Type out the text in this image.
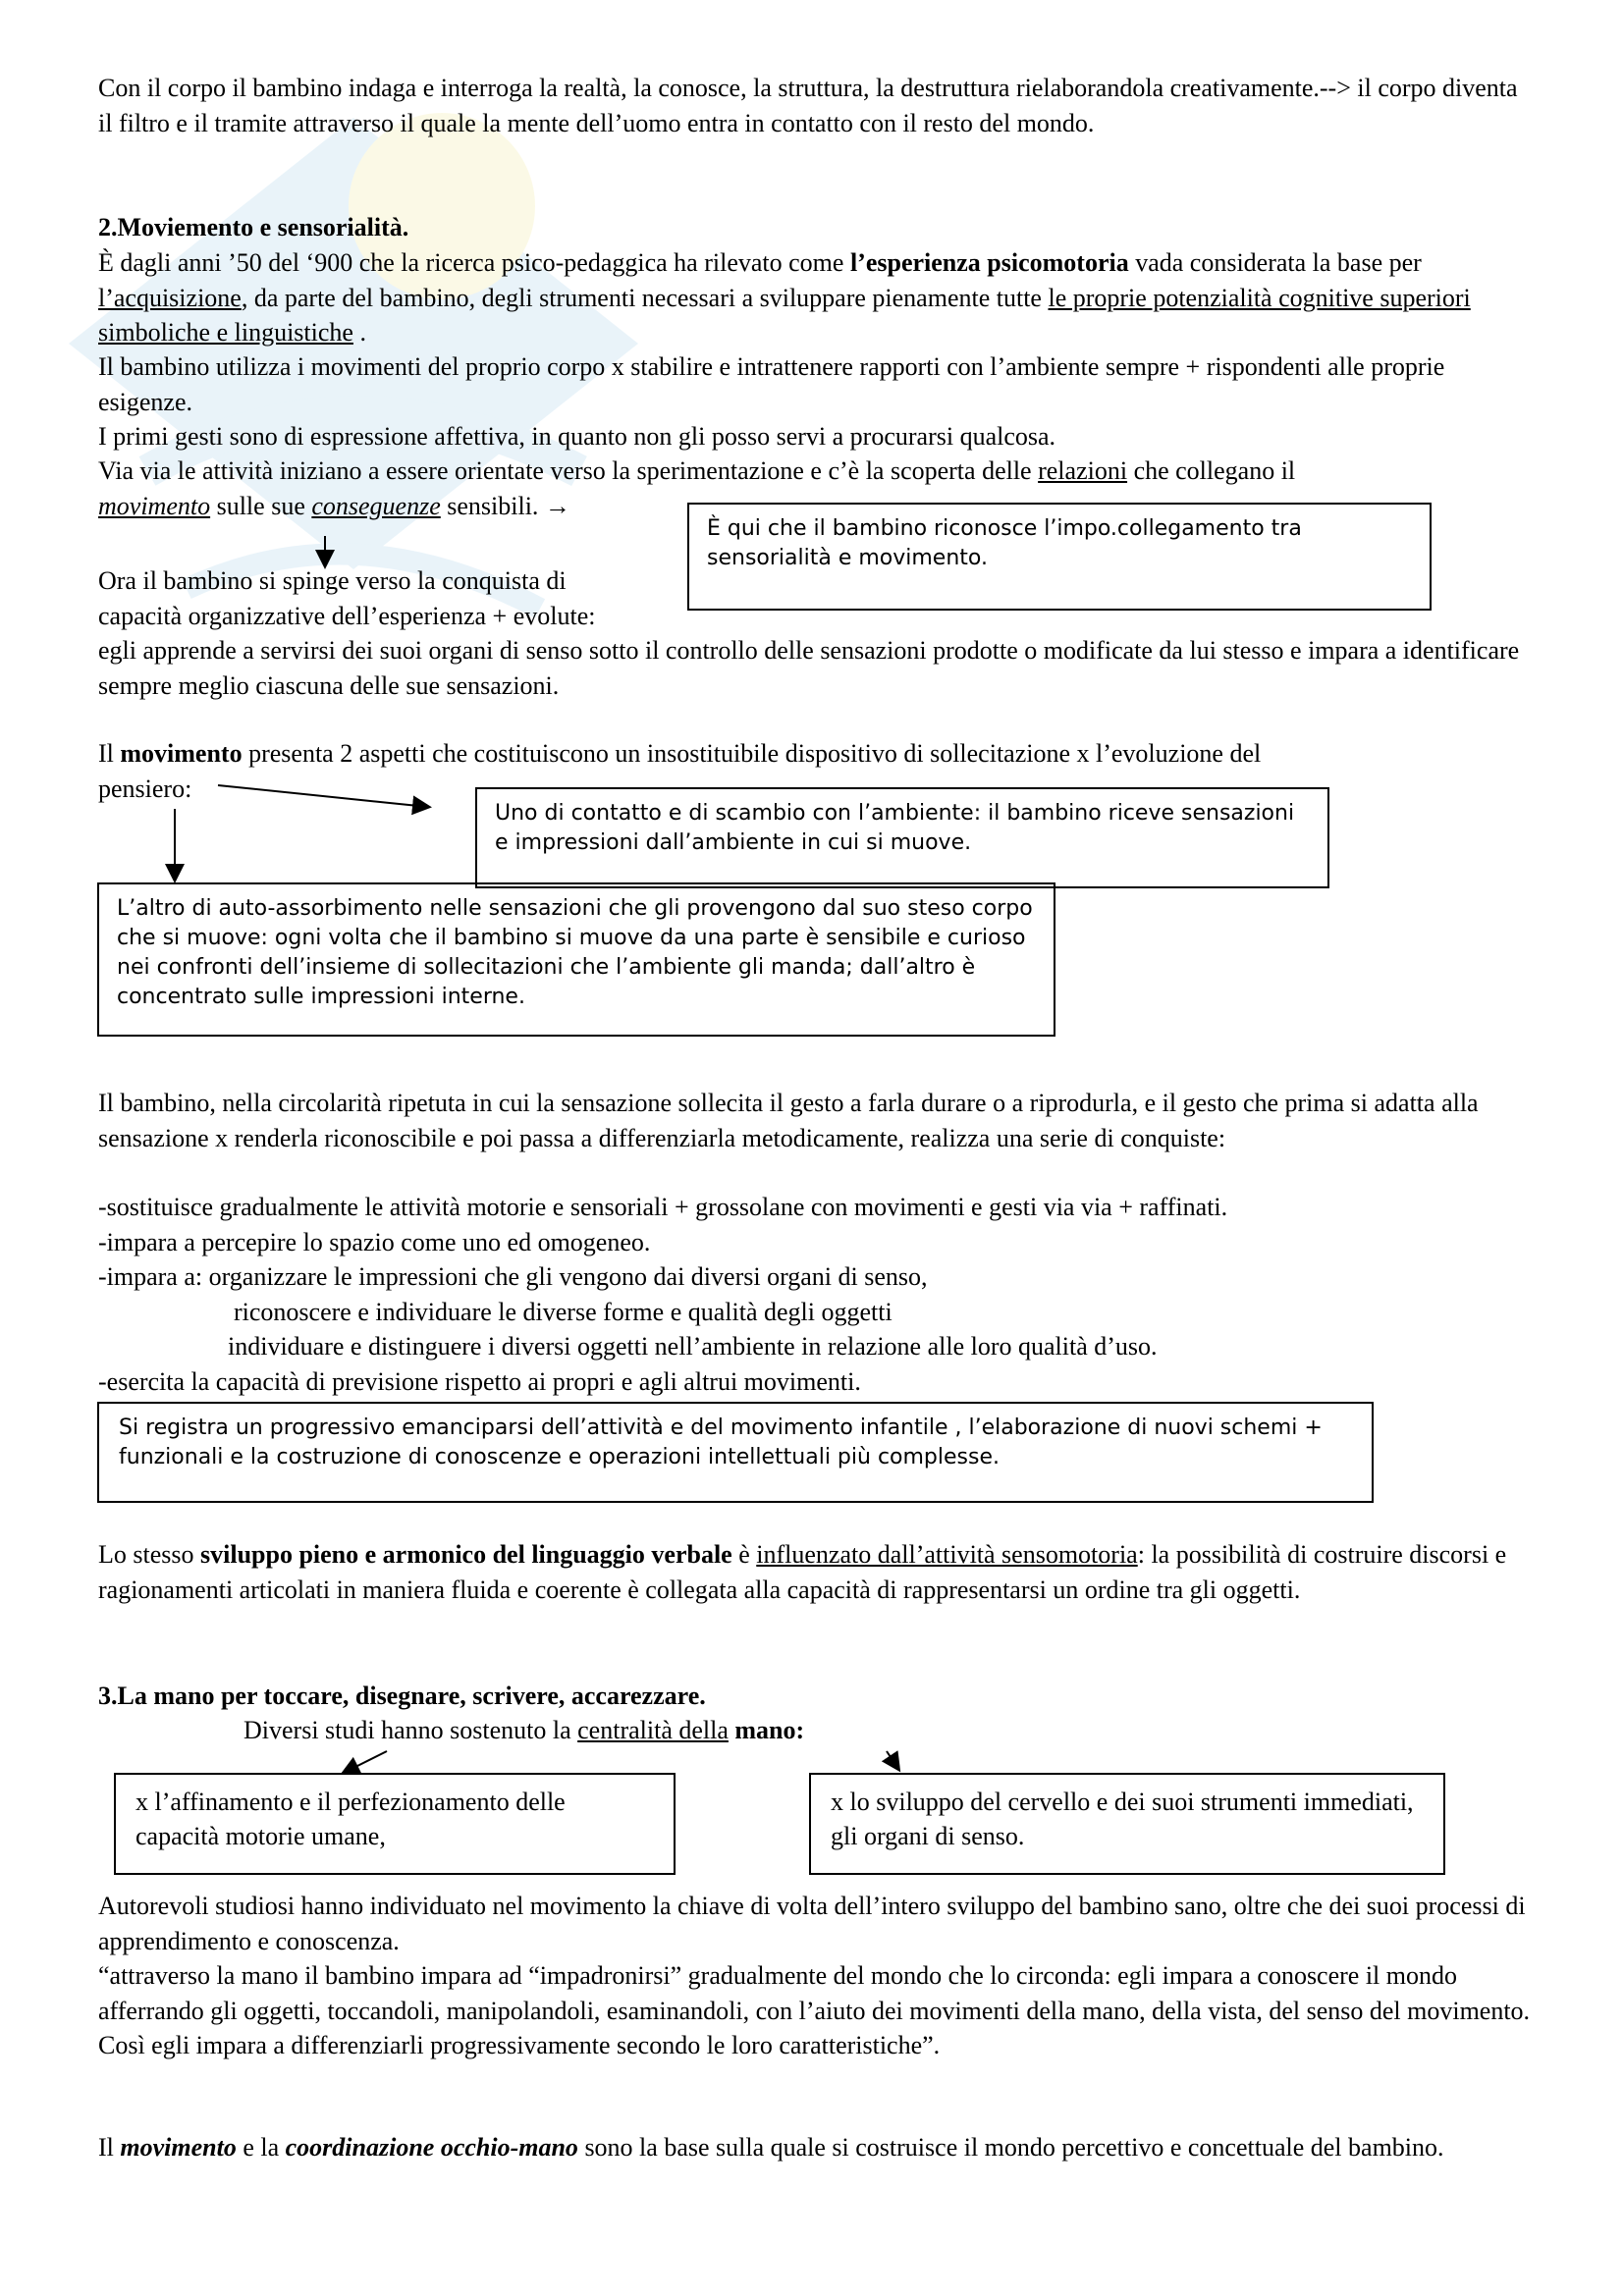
Con il corpo il bambino indaga e interroga la realtà, la conosce, la struttura, la destruttura rielaborandola creativamente.--> il corpo diventa il filtro e il tramite attraverso il quale la mente dell’uomo entra in contatto con il resto del mondo.

2.Moviemento e sensorialità.

È dagli anni ’50 del ‘900 che la ricerca psico-pedaggica ha rilevato come l’esperienza psicomotoria vada considerata la base per l’acquisizione, da parte del bambino, degli strumenti necessari a sviluppare pienamente tutte le proprie potenzialità cognitive superiori simboliche e linguistiche .

Il bambino utilizza i movimenti del proprio corpo x stabilire e intrattenere rapporti con l’ambiente sempre + rispondenti alle proprie esigenze.

I primi gesti sono di espressione affettiva, in quanto non gli posso servi a procurarsi qualcosa.

Via via le attività iniziano a essere orientate verso la sperimentazione e c’è la scoperta delle relazioni che collegano il

movimento sulle sue conseguenze sensibili. →
È qui che il bambino riconosce l’impo.collegamento tra sensorialità e movimento.
Ora il bambino si spinge verso la conquista di
capacità organizzative dell’esperienza + evolute:

egli apprende a servirsi dei suoi organi di senso sotto il controllo delle sensazioni prodotte o modificate da lui stesso e impara a identificare sempre meglio ciascuna delle sue sensazioni.

Il movimento presenta 2 aspetti che costituiscono un insostituibile dispositivo di sollecitazione x l’evoluzione del

pensiero:
Uno di contatto e di scambio con l’ambiente: il bambino riceve sensazioni e impressioni dall’ambiente in cui si muove.
L’altro di auto-assorbimento nelle sensazioni che gli provengono dal suo steso corpo che si muove: ogni volta che il bambino si muove da una parte è sensibile e curioso nei confronti dell’insieme di sollecitazioni che l’ambiente gli manda; dall’altro è concentrato sulle impressioni interne.

Il bambino, nella circolarità ripetuta in cui la sensazione sollecita il gesto a farla durare o a riprodurla, e il gesto che prima si adatta alla sensazione x renderla riconoscibile e poi passa a differenziarla metodicamente, realizza una serie di conquiste:

-sostituisce gradualmente le attività motorie e sensoriali + grossolane con movimenti e gesti via via + raffinati.
-impara a percepire lo spazio come uno ed omogeneo.
-impara a: organizzare le impressioni che gli vengono dai diversi organi di senso,
riconoscere e individuare le diverse forme e qualità degli oggetti
individuare e distinguere i diversi oggetti nell’ambiente in relazione alle loro qualità d’uso.
-esercita la capacità di previsione rispetto ai propri e agli altrui movimenti.
Si registra un progressivo emanciparsi dell’attività e del movimento infantile , l’elaborazione di nuovi schemi + funzionali e la costruzione di conoscenze e operazioni intellettuali più complesse.

Lo stesso sviluppo pieno e armonico del linguaggio verbale è influenzato dall’attività sensomotoria: la possibilità di costruire discorsi e ragionamenti articolati in maniera fluida e coerente è collegata alla capacità di rappresentarsi un ordine tra gli oggetti.

3.La mano per toccare, disegnare, scrivere, accarezzare.

Diversi studi hanno sostenuto la centralità della mano:
x l’affinamento e il perfezionamento delle capacità motorie umane,
x lo sviluppo del cervello e dei suoi strumenti immediati, gli organi di senso.

Autorevoli studiosi hanno individuato nel movimento la chiave di volta dell’intero sviluppo del bambino sano, oltre che dei suoi processi di apprendimento e conoscenza.

“attraverso la mano il bambino impara ad “impadronirsi” gradualmente del mondo che lo circonda: egli impara a conoscere il mondo afferrando gli oggetti, toccandoli, manipolandoli, esaminandoli, con l’aiuto dei movimenti della mano, della vista, del senso del movimento. Così egli impara a differenziarli progressivamente secondo le loro caratteristiche”.

Il movimento e la coordinazione occhio-mano sono la base sulla quale si costruisce il mondo percettivo e concettuale del bambino.
